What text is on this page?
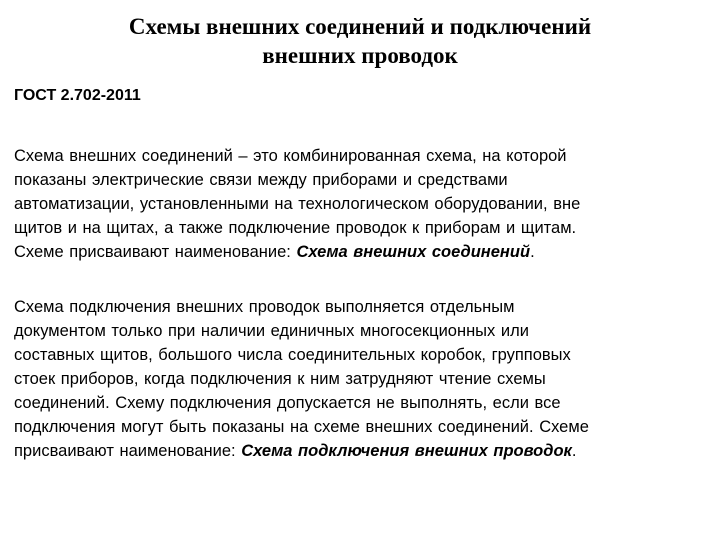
Схемы внешних соединений и подключений
внешних проводок

ГОСТ 2.702-2011

Схема внешних соединений – это комбинированная схема, на которой
показаны электрические связи между приборами и средствами
автоматизации, установленными на технологическом оборудовании, вне
щитов и на щитах, а также подключение проводок к приборам и щитам.
Схеме присваивают наименование: Схема внешних соединений.

Схема подключения внешних проводок выполняется отдельным
документом только при наличии единичных многосекционных или
составных щитов, большого числа соединительных коробок, групповых
стоек приборов, когда подключения к ним затрудняют чтение схемы
соединений. Схему подключения допускается не выполнять, если все
подключения могут быть показаны на схеме внешних соединений. Схеме
присваивают наименование: Схема подключения внешних проводок.
